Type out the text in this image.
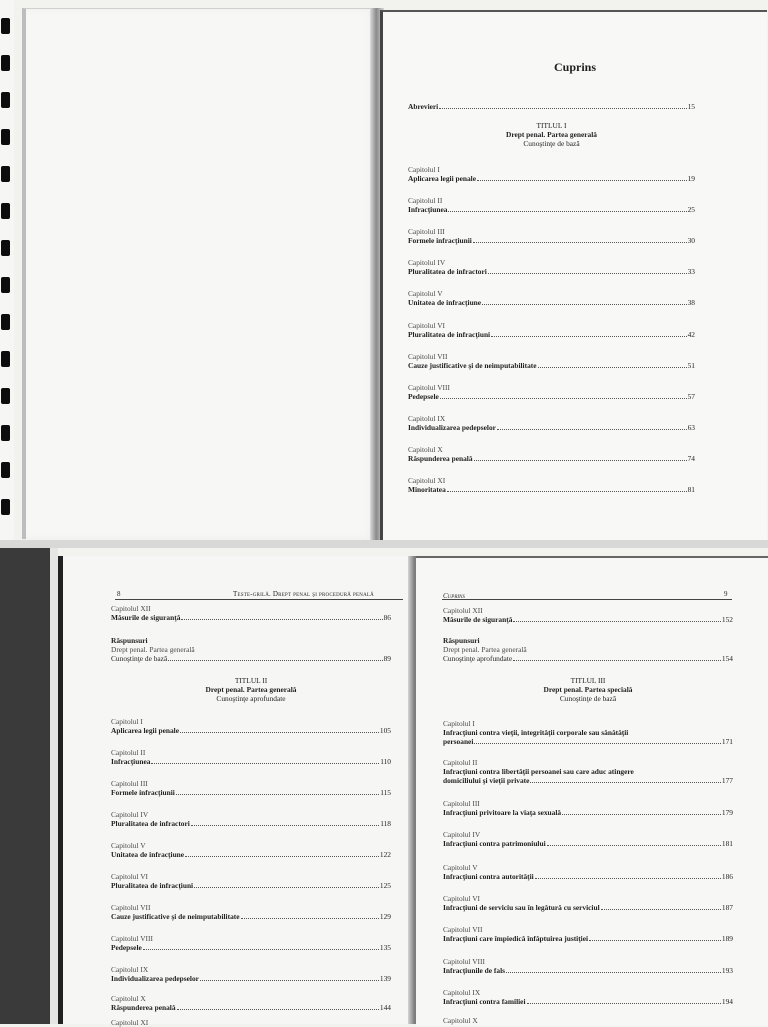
Cuprins
Abrevieri	15
TITLUL I
Drept penal. Partea generală
Cunoştinţe de bază
Capitolul I
Aplicarea legii penale	19
Capitolul II
Infracţiunea	25
Capitolul III
Formele infracţiunii	30
Capitolul IV
Pluralitatea de infractori	33
Capitolul V
Unitatea de infracţiune	38
Capitolul VI
Pluralitatea de infracţiuni	42
Capitolul VII
Cauze justificative şi de neimputabilitate	51
Capitolul VIII
Pedepsele	57
Capitolul IX
Individualizarea pedepselor	63
Capitolul X
Răspunderea penală	74
Capitolul XI
Minoritatea	81
8	Teste-grilă. Drept penal şi procedură penală
Capitolul XII
Măsurile de siguranţă	86
Răspunsuri
Drept penal. Partea generală
Cunoştinţe de bază	89
TITLUL II
Drept penal. Partea generală
Cunoştinţe aprofundate
Capitolul I
Aplicarea legii penale	105
Capitolul II
Infracţiunea	110
Capitolul III
Formele infracţiunii	115
Capitolul IV
Pluralitatea de infractori	118
Capitolul V
Unitatea de infracţiune	122
Capitolul VI
Pluralitatea de infracţiuni	125
Capitolul VII
Cauze justificative şi de neimputabilitate	129
Capitolul VIII
Pedepsele	135
Capitolul IX
Individualizarea pedepselor	139
Capitolul X
Răspunderea penală	144
Capitolul XI
Cuprins	9
Capitolul XII
Măsurile de siguranţă	152
Răspunsuri
Drept penal. Partea generală
Cunoştinţe aprofundate	154
TITLUL III
Drept penal. Partea specială
Cunoştinţe de bază
Capitolul I
Infracţiuni contra vieţii, integrităţii corporale sau sănătăţii
persoanei	171
Capitolul II
Infracţiuni contra libertăţii persoanei sau care aduc atingere
domiciliului şi vieţii private	177
Capitolul III
Infracţiuni privitoare la viaţa sexuală	179
Capitolul IV
Infracţiuni contra patrimoniului	181
Capitolul V
Infracţiuni contra autorităţii	186
Capitolul VI
Infracţiuni de serviciu sau în legătură cu serviciul	187
Capitolul VII
Infracţiuni care împiedică înfăptuirea justiţiei	189
Capitolul VIII
Infracţiunile de fals	193
Capitolul IX
Infracţiuni contra familiei	194
Capitolul X
